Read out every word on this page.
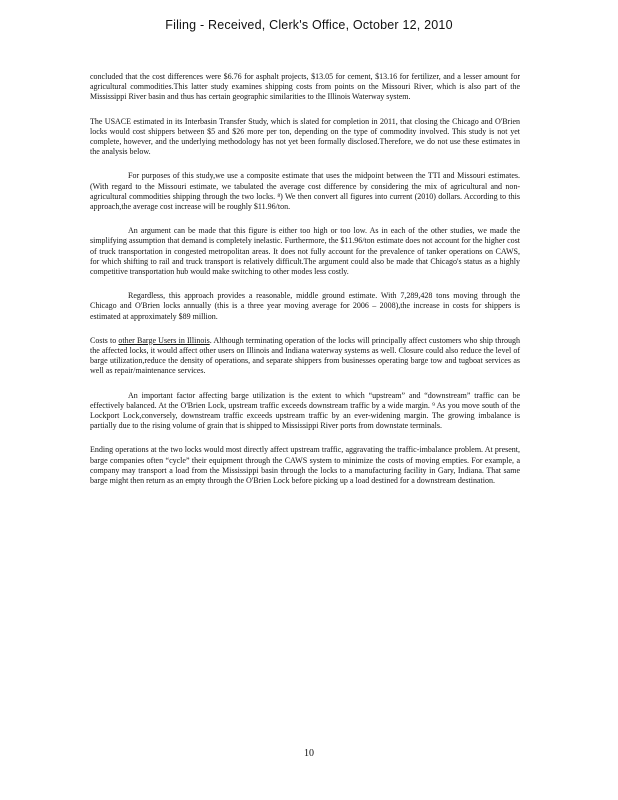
Filing - Received, Clerk's Office, October 12, 2010

concluded that the cost differences were $6.76 for asphalt projects, $13.05 for cement, $13.16 for fertilizer, and a lesser amount for agricultural commodities.This latter study examines shipping costs from points on the Missouri River, which is also part of the Mississippi River basin and thus has certain geographic similarities to the Illinois Waterway system.

The USACE estimated in its Interbasin Transfer Study, which is slated for completion in 2011, that closing the Chicago and O'Brien locks would cost shippers between $5 and $26 more per ton, depending on the type of commodity involved. This study is not yet complete, however, and the underlying methodology has not yet been formally disclosed.Therefore, we do not use these estimates in the analysis below.

For purposes of this study,we use a composite estimate that uses the midpoint between the TTI and Missouri estimates. (With regard to the Missouri estimate, we tabulated the average cost difference by considering the mix of agricultural and non-agricultural commodities shipping through the two locks. ⁸) We then convert all figures into current (2010) dollars. According to this approach,the average cost increase will be roughly $11.96/ton.

An argument can be made that this figure is either too high or too low. As in each of the other studies, we made the simplifying assumption that demand is completely inelastic. Furthermore, the $11.96/ton estimate does not account for the higher cost of truck transportation in congested metropolitan areas. It does not fully account for the prevalence of tanker operations on CAWS, for which shifting to rail and truck transport is relatively difficult.The argument could also be made that Chicago's status as a highly competitive transportation hub would make switching to other modes less costly.

Regardless, this approach provides a reasonable, middle ground estimate. With 7,289,428 tons moving through the Chicago and O'Brien locks annually (this is a three year moving average for 2006 – 2008),the increase in costs for shippers is estimated at approximately $89 million.

Costs to other Barge Users in Illinois. Although terminating operation of the locks will principally affect customers who ship through the affected locks, it would affect other users on Illinois and Indiana waterway systems as well. Closure could also reduce the level of barge utilization,reduce the density of operations, and separate shippers from businesses operating barge tow and tugboat services as well as repair/maintenance services.

An important factor affecting barge utilization is the extent to which “upstream” and “downstream” traffic can be effectively balanced. At the O'Brien Lock, upstream traffic exceeds downstream traffic by a wide margin. ⁹ As you move south of the Lockport Lock,conversely, downstream traffic exceeds upstream traffic by an ever-widening margin. The growing imbalance is partially due to the rising volume of grain that is shipped to Mississippi River ports from downstate terminals.

Ending operations at the two locks would most directly affect upstream traffic, aggravating the traffic-imbalance problem. At present, barge companies often “cycle” their equipment through the CAWS system to minimize the costs of moving empties. For example, a company may transport a load from the Mississippi basin through the locks to a manufacturing facility in Gary, Indiana. That same barge might then return as an empty through the O'Brien Lock before picking up a load destined for a downstream destination.

10
